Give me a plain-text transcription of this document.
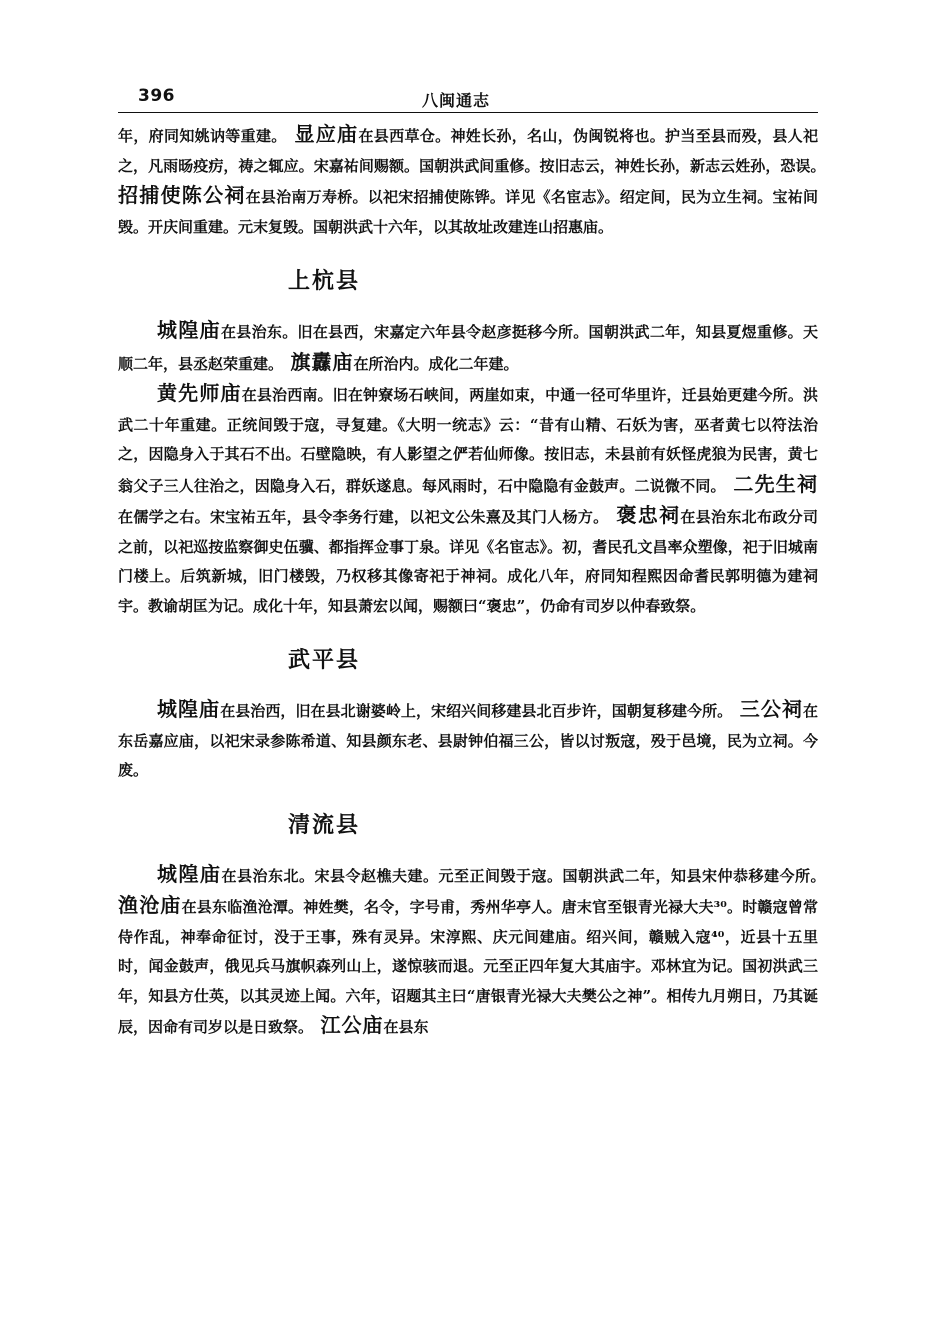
396	八闽通志

年，府同知姚讷等重建。　 显应庙在县西草仓。神姓长孙，名山，伪闽锐将也。护当至县而殁，县人祀之，凡雨旸疫疠，祷之辄应。宋嘉祐间赐额。国朝洪武间重修。按旧志云，神姓长孙，新志云姓孙，恐误。　招捕使陈公祠在县治南万寿桥。以祀宋招捕使陈铧。详见《名宦志》。绍定间，民为立生祠。宝祐间毁。开庆间重建。元末复毁。国朝洪武十六年，以其故址改建连山招惠庙。

上杭县

城隍庙在县治东。旧在县西，宋嘉定六年县令赵彦挺移今所。国朝洪武二年，知县夏煜重修。天顺二年，县丞赵荣重建。　 旗纛庙在所治内。成化二年建。

黄先师庙在县治西南。旧在钟寮场石峡间，两崖如束，中通一径可华里许，迁县始更建今所。洪武二十年重建。正统间毁于寇，寻复建。《大明一统志》云：“昔有山精、石妖为害，巫者黄七以符法治之，因隐身入于其石不出。石壁隐映，有人影望之俨若仙师像。按旧志，未县前有妖怪虎狼为民害，黄七翁父子三人往治之，因隐身入石，群妖遂息。每风雨时，石中隐隐有金鼓声。二说微不同。　 二先生祠在儒学之右。宋宝祐五年，县令李务行建，以祀文公朱熹及其门人杨方。　 褒忠祠在县治东北布政分司之前，以祀巡按监察御史伍骥、都指挥佥事丁泉。详见《名宦志》。初，耆民孔文昌率众塑像，祀于旧城南门楼上。后筑新城，旧门楼毁，乃权移其像寄祀于神祠。成化八年，府同知程熙因命耆民郭明德为建祠宇。教谕胡匡为记。成化十年，知县萧宏以闻，赐额曰“褒忠”，仍命有司岁以仲春致祭。

武平县

城隍庙在县治西，旧在县北谢婆岭上，宋绍兴间移建县北百步许，国朝复移建今所。　 三公祠在东岳嘉应庙，以祀宋录参陈希道、知县颜东老、县尉钟伯福三公，皆以讨叛寇，殁于邑境，民为立祠。今废。

清流县

城隍庙在县治东北。宋县令赵樵夫建。元至正间毁于寇。国朝洪武二年，知县宋仲恭移建今所。　渔沧庙在县东临渔沧潭。神姓樊，名令，字号甫，秀州华亭人。唐末官至银青光禄大夫³⁰。时赣寇曾常侍作乱，神奉命征讨，没于王事，殊有灵异。宋淳熙、庆元间建庙。绍兴间，赣贼入寇⁴⁰，近县十五里时，闻金鼓声，俄见兵马旗帜森列山上，遂惊骇而退。元至正四年复大其庙宇。邓林宜为记。国初洪武三年，知县方仕英，以其灵迹上闻。六年，诏题其主曰“唐银青光禄大夫樊公之神”。相传九月朔日，乃其诞辰，因命有司岁以是日致祭。　 江公庙在县东
